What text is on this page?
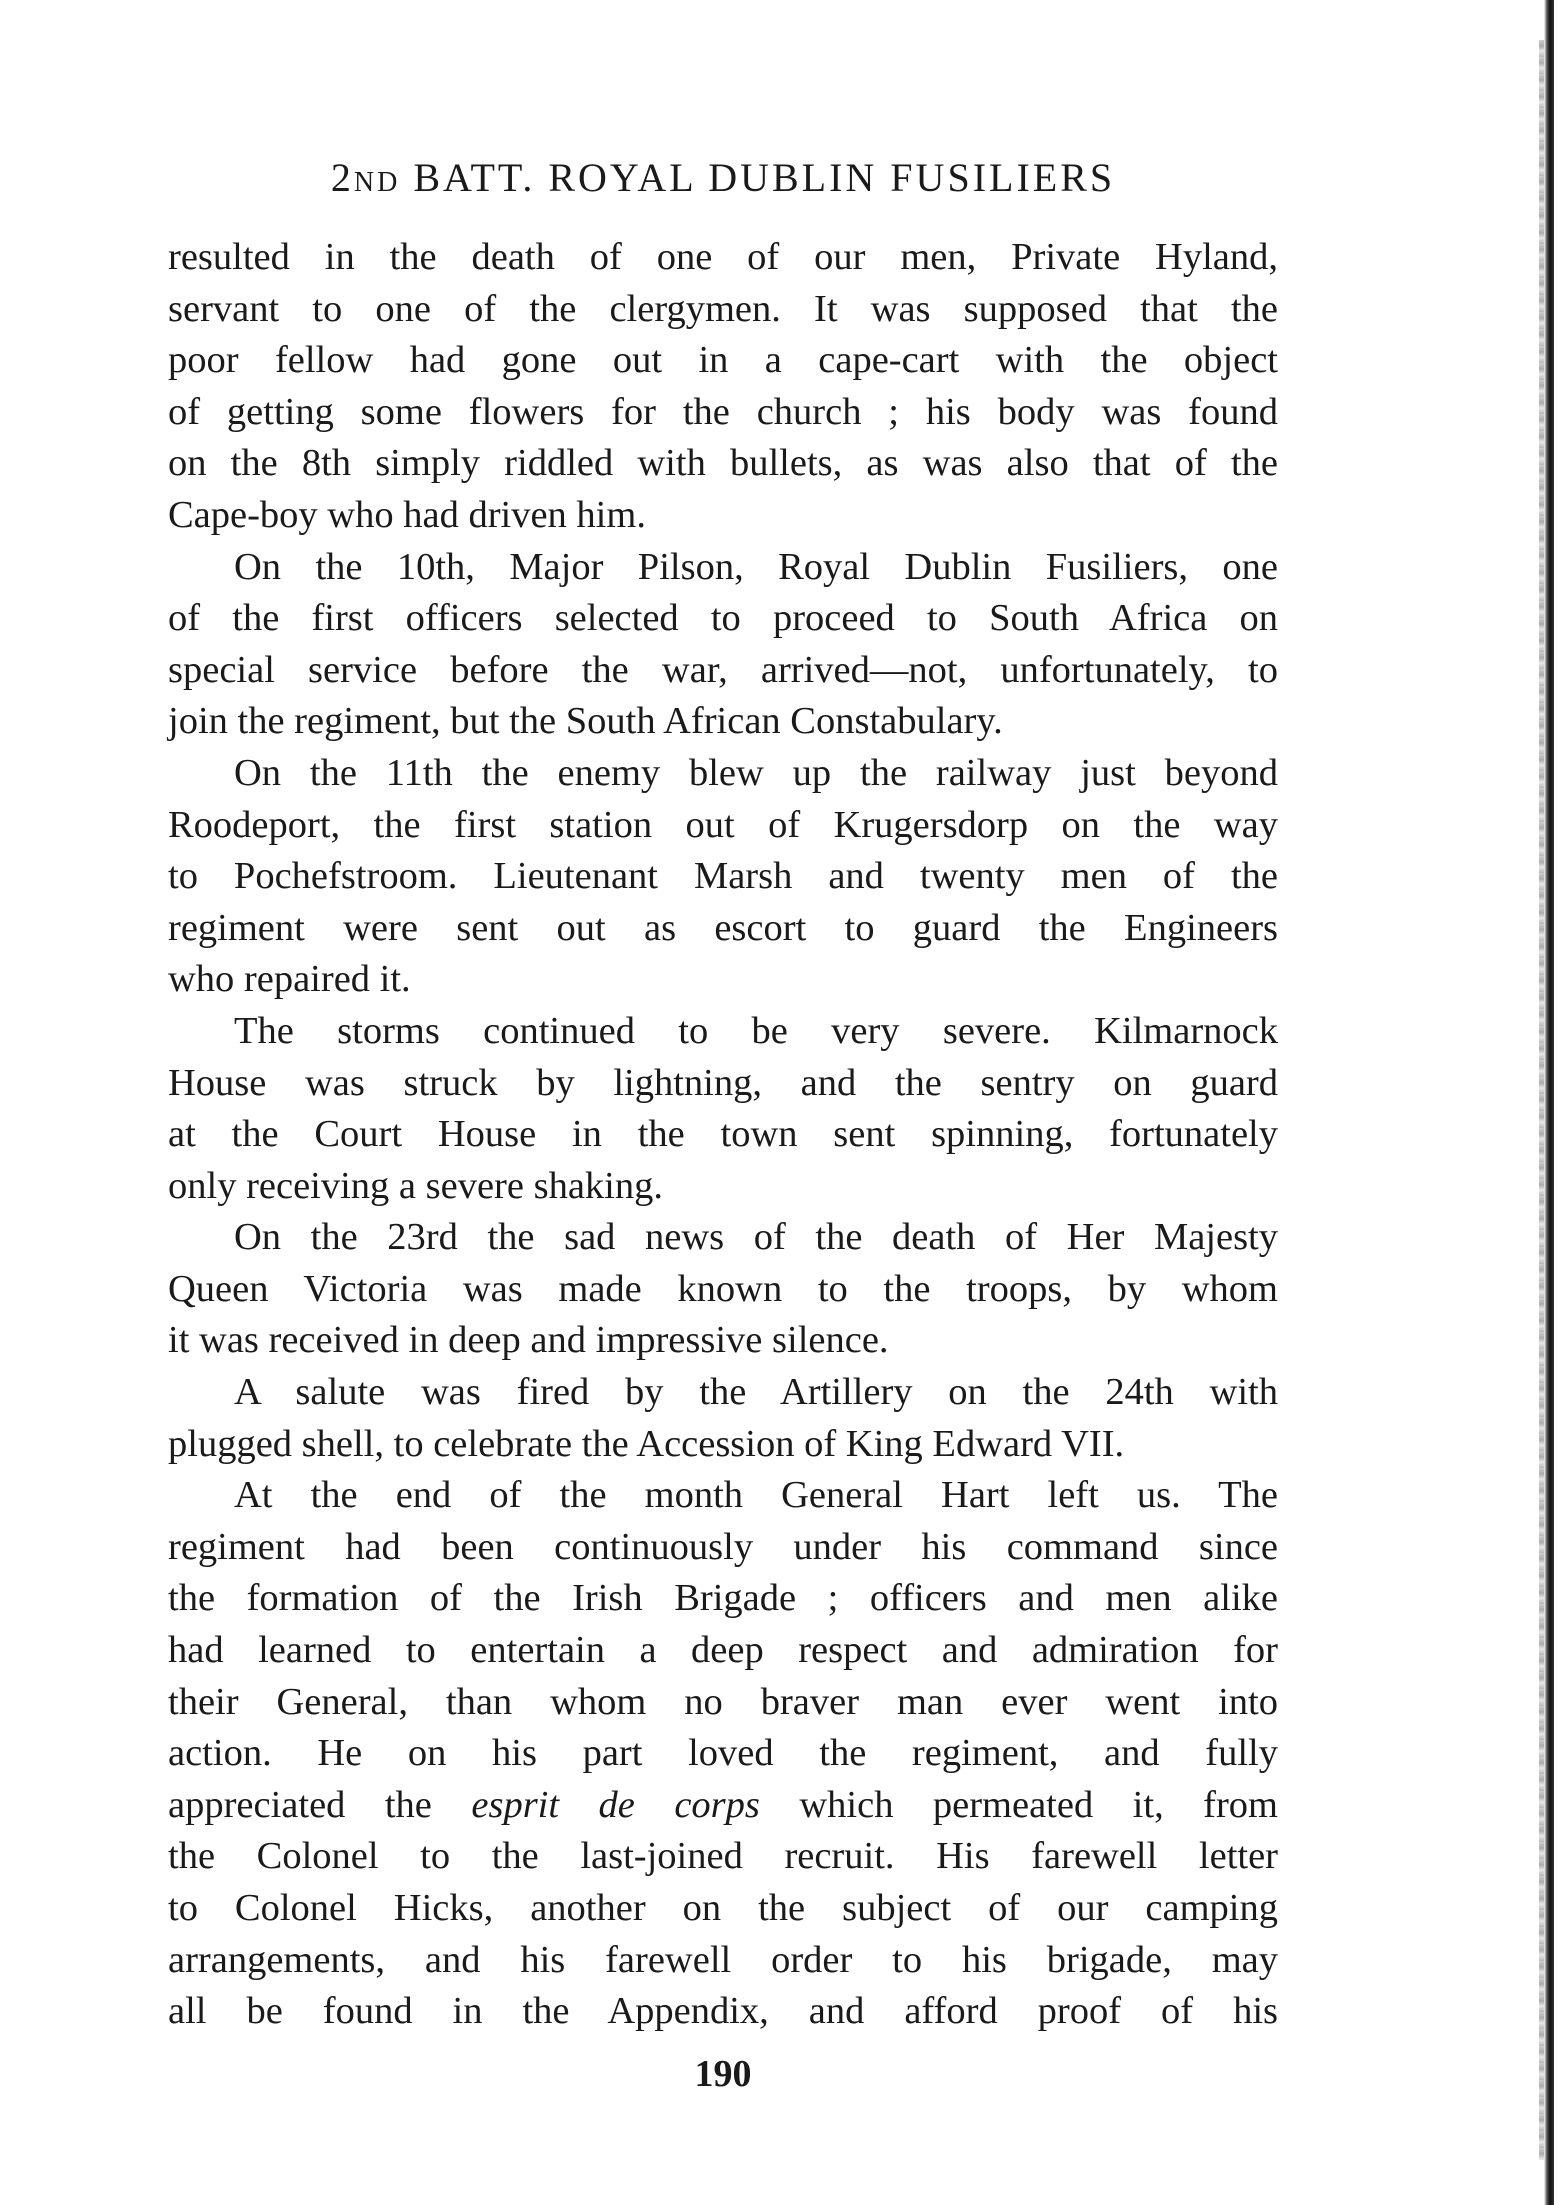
2ND BATT. ROYAL DUBLIN FUSILIERS
resulted in the death of one of our men, Private Hyland,
servant to one of the clergymen. It was supposed that the
poor fellow had gone out in a cape-cart with the object
of getting some flowers for the church ; his body was found
on the 8th simply riddled with bullets, as was also that of the
Cape-boy who had driven him.
On the 10th, Major Pilson, Royal Dublin Fusiliers, one
of the first officers selected to proceed to South Africa on
special service before the war, arrived—not, unfortunately, to
join the regiment, but the South African Constabulary.
On the 11th the enemy blew up the railway just beyond
Roodeport, the first station out of Krugersdorp on the way
to Pochefstroom. Lieutenant Marsh and twenty men of the
regiment were sent out as escort to guard the Engineers
who repaired it.
The storms continued to be very severe. Kilmarnock
House was struck by lightning, and the sentry on guard
at the Court House in the town sent spinning, fortunately
only receiving a severe shaking.
On the 23rd the sad news of the death of Her Majesty
Queen Victoria was made known to the troops, by whom
it was received in deep and impressive silence.
A salute was fired by the Artillery on the 24th with
plugged shell, to celebrate the Accession of King Edward VII.
At the end of the month General Hart left us. The
regiment had been continuously under his command since
the formation of the Irish Brigade ; officers and men alike
had learned to entertain a deep respect and admiration for
their General, than whom no braver man ever went into
action. He on his part loved the regiment, and fully
appreciated the esprit de corps which permeated it, from
the Colonel to the last-joined recruit. His farewell letter
to Colonel Hicks, another on the subject of our camping
arrangements, and his farewell order to his brigade, may
all be found in the Appendix, and afford proof of his
190
